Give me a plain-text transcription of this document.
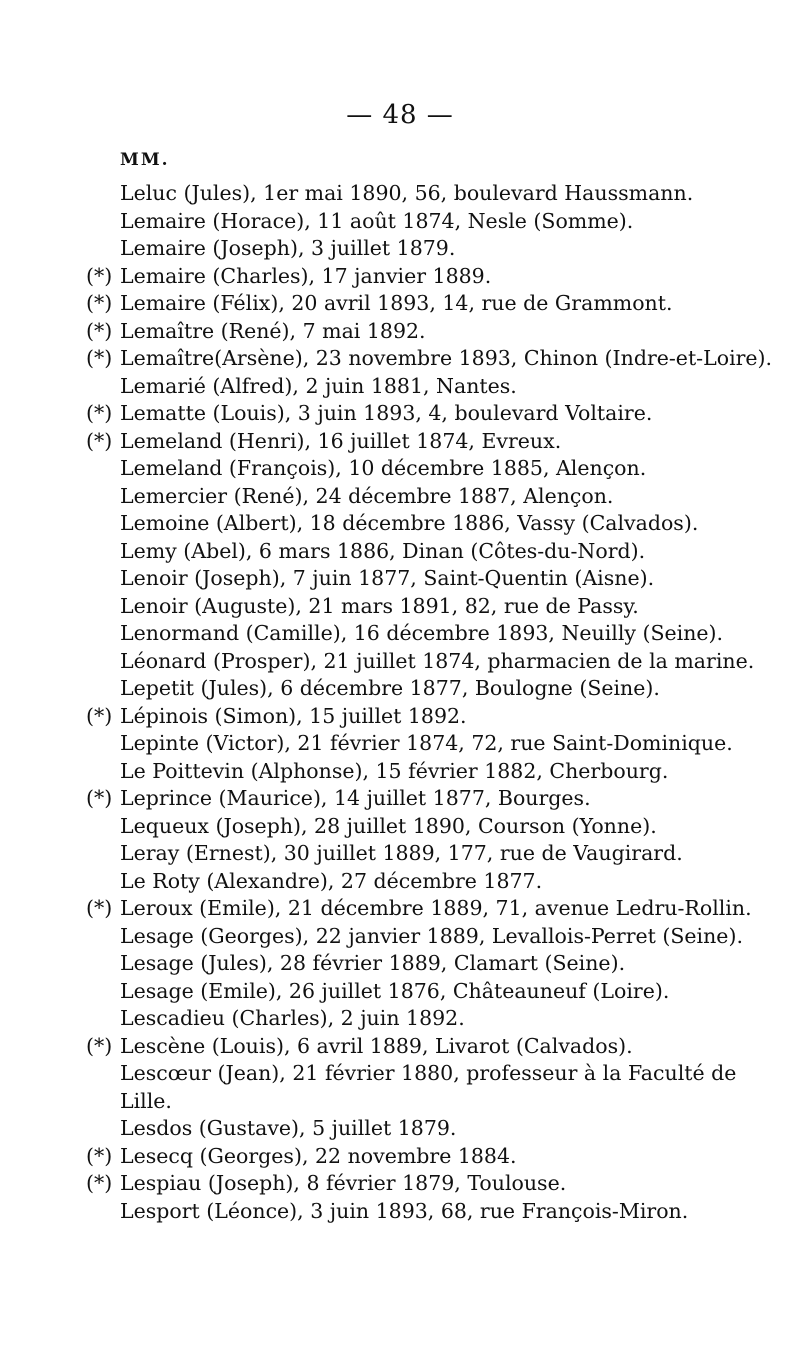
— 48 —
MM.
Leluc (Jules), 1er mai 1890, 56, boulevard Haussmann.
Lemaire (Horace), 11 août 1874, Nesle (Somme).
Lemaire (Joseph), 3 juillet 1879.
(*) Lemaire (Charles), 17 janvier 1889.
(*) Lemaire (Félix), 20 avril 1893, 14, rue de Grammont.
(*) Lemaître (René), 7 mai 1892.
(*) Lemaître(Arsène), 23 novembre 1893, Chinon (Indre-et-Loire).
Lemarié (Alfred), 2 juin 1881, Nantes.
(*) Lematte (Louis), 3 juin 1893, 4, boulevard Voltaire.
(*) Lemeland (Henri), 16 juillet 1874, Evreux.
Lemeland (François), 10 décembre 1885, Alençon.
Lemercier (René), 24 décembre 1887, Alençon.
Lemoine (Albert), 18 décembre 1886, Vassy (Calvados).
Lemy (Abel), 6 mars 1886, Dinan (Côtes-du-Nord).
Lenoir (Joseph), 7 juin 1877, Saint-Quentin (Aisne).
Lenoir (Auguste), 21 mars 1891, 82, rue de Passy.
Lenormand (Camille), 16 décembre 1893, Neuilly (Seine).
Léonard (Prosper), 21 juillet 1874, pharmacien de la marine.
Lepetit (Jules), 6 décembre 1877, Boulogne (Seine).
(*) Lépinois (Simon), 15 juillet 1892.
Lepinte (Victor), 21 février 1874, 72, rue Saint-Dominique.
Le Poittevin (Alphonse), 15 février 1882, Cherbourg.
(*) Leprince (Maurice), 14 juillet 1877, Bourges.
Lequeux (Joseph), 28 juillet 1890, Courson (Yonne).
Leray (Ernest), 30 juillet 1889, 177, rue de Vaugirard.
Le Roty (Alexandre), 27 décembre 1877.
(*) Leroux (Emile), 21 décembre 1889, 71, avenue Ledru-Rollin.
Lesage (Georges), 22 janvier 1889, Levallois-Perret (Seine).
Lesage (Jules), 28 février 1889, Clamart (Seine).
Lesage (Emile), 26 juillet 1876, Châteauneuf (Loire).
Lescadieu (Charles), 2 juin 1892.
(*) Lescène (Louis), 6 avril 1889, Livarot (Calvados).
Lescœur (Jean), 21 février 1880, professeur à la Faculté de Lille.
Lesdos (Gustave), 5 juillet 1879.
(*) Lesecq (Georges), 22 novembre 1884.
(*) Lespiau (Joseph), 8 février 1879, Toulouse.
Lesport (Léonce), 3 juin 1893, 68, rue François-Miron.
